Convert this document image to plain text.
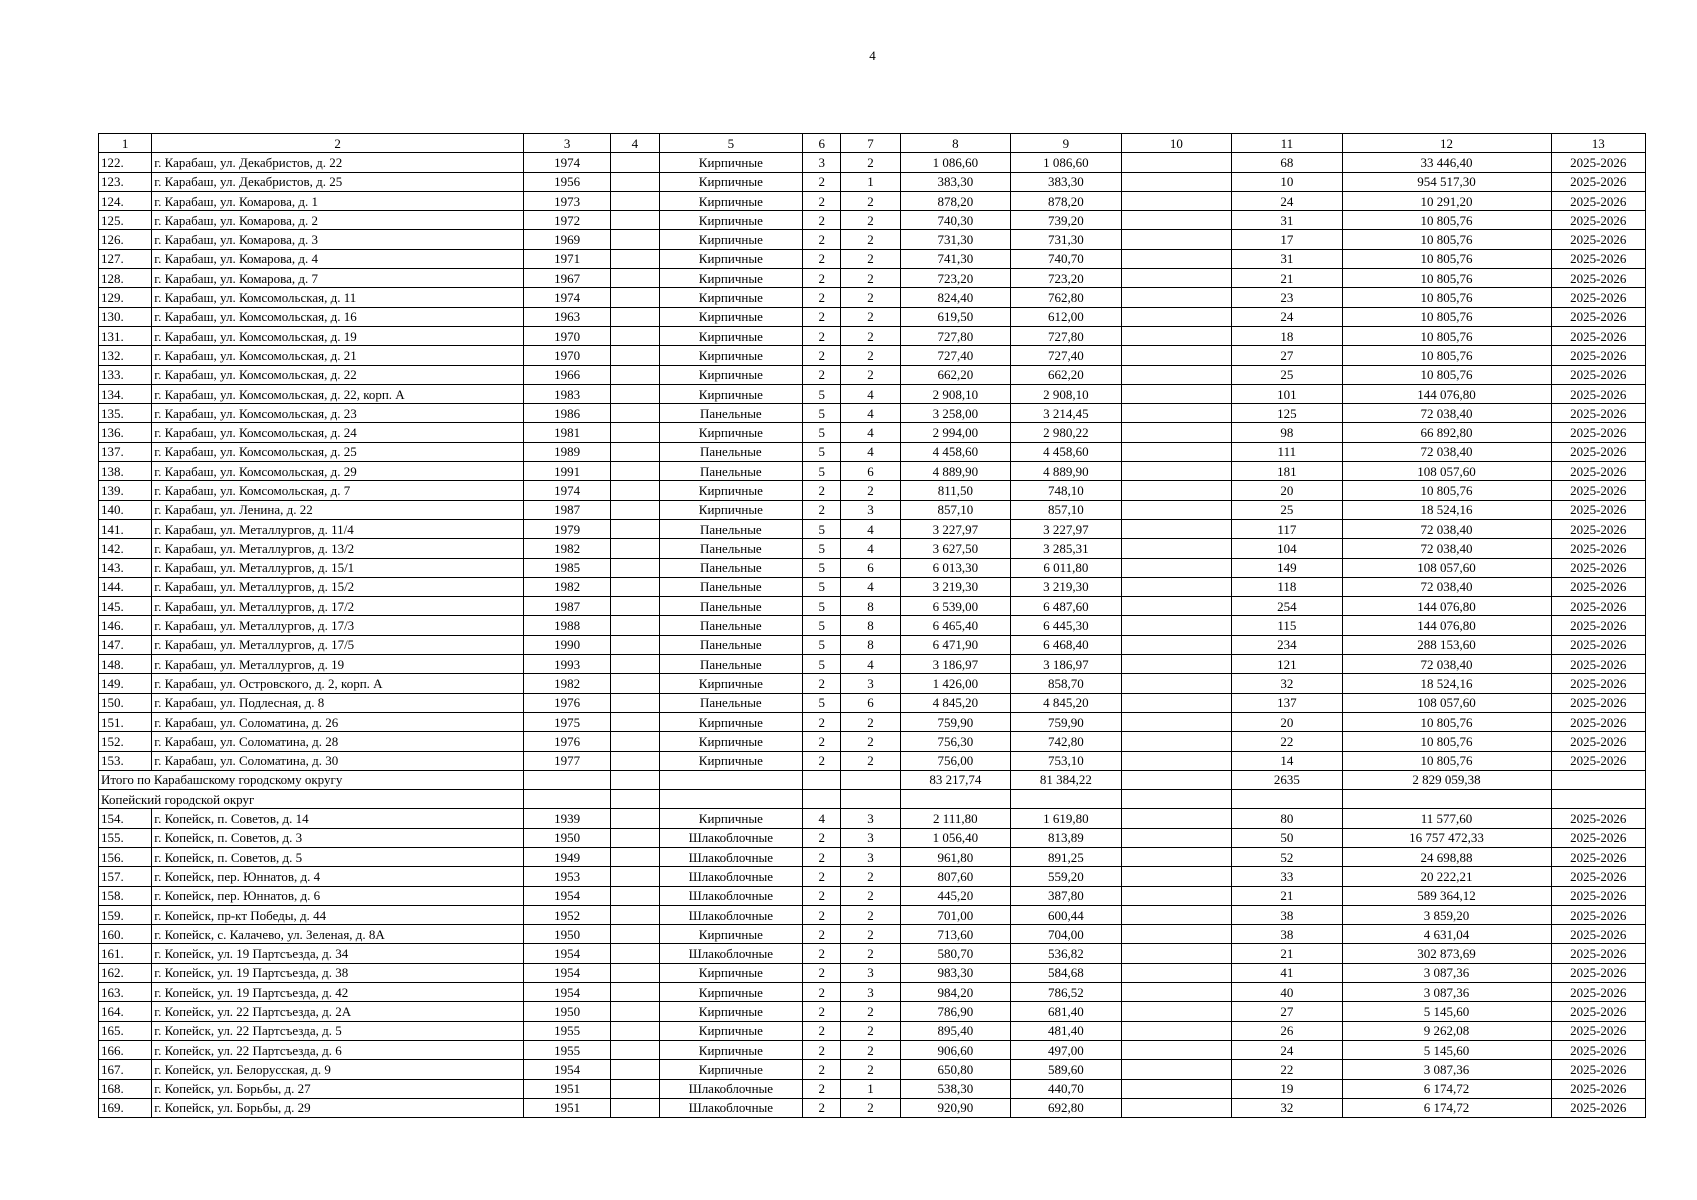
4
1	2	3	4	5	6	7	8	9	10	11	12	13
122.	г. Карабаш, ул. Декабристов, д. 22	1974		Кирпичные	3	2	1 086,60	1 086,60		68	33 446,40	2025-2026
123.	г. Карабаш, ул. Декабристов, д. 25	1956		Кирпичные	2	1	383,30	383,30		10	954 517,30	2025-2026
124.	г. Карабаш, ул. Комарова, д. 1	1973		Кирпичные	2	2	878,20	878,20		24	10 291,20	2025-2026
125.	г. Карабаш, ул. Комарова, д. 2	1972		Кирпичные	2	2	740,30	739,20		31	10 805,76	2025-2026
126.	г. Карабаш, ул. Комарова, д. 3	1969		Кирпичные	2	2	731,30	731,30		17	10 805,76	2025-2026
127.	г. Карабаш, ул. Комарова, д. 4	1971		Кирпичные	2	2	741,30	740,70		31	10 805,76	2025-2026
128.	г. Карабаш, ул. Комарова, д. 7	1967		Кирпичные	2	2	723,20	723,20		21	10 805,76	2025-2026
129.	г. Карабаш, ул. Комсомольская, д. 11	1974		Кирпичные	2	2	824,40	762,80		23	10 805,76	2025-2026
130.	г. Карабаш, ул. Комсомольская, д. 16	1963		Кирпичные	2	2	619,50	612,00		24	10 805,76	2025-2026
131.	г. Карабаш, ул. Комсомольская, д. 19	1970		Кирпичные	2	2	727,80	727,80		18	10 805,76	2025-2026
132.	г. Карабаш, ул. Комсомольская, д. 21	1970		Кирпичные	2	2	727,40	727,40		27	10 805,76	2025-2026
133.	г. Карабаш, ул. Комсомольская, д. 22	1966		Кирпичные	2	2	662,20	662,20		25	10 805,76	2025-2026
134.	г. Карабаш, ул. Комсомольская, д. 22, корп. А	1983		Кирпичные	5	4	2 908,10	2 908,10		101	144 076,80	2025-2026
135.	г. Карабаш, ул. Комсомольская, д. 23	1986		Панельные	5	4	3 258,00	3 214,45		125	72 038,40	2025-2026
136.	г. Карабаш, ул. Комсомольская, д. 24	1981		Кирпичные	5	4	2 994,00	2 980,22		98	66 892,80	2025-2026
137.	г. Карабаш, ул. Комсомольская, д. 25	1989		Панельные	5	4	4 458,60	4 458,60		111	72 038,40	2025-2026
138.	г. Карабаш, ул. Комсомольская, д. 29	1991		Панельные	5	6	4 889,90	4 889,90		181	108 057,60	2025-2026
139.	г. Карабаш, ул. Комсомольская, д. 7	1974		Кирпичные	2	2	811,50	748,10		20	10 805,76	2025-2026
140.	г. Карабаш, ул. Ленина, д. 22	1987		Кирпичные	2	3	857,10	857,10		25	18 524,16	2025-2026
141.	г. Карабаш, ул. Металлургов, д. 11/4	1979		Панельные	5	4	3 227,97	3 227,97		117	72 038,40	2025-2026
142.	г. Карабаш, ул. Металлургов, д. 13/2	1982		Панельные	5	4	3 627,50	3 285,31		104	72 038,40	2025-2026
143.	г. Карабаш, ул. Металлургов, д. 15/1	1985		Панельные	5	6	6 013,30	6 011,80		149	108 057,60	2025-2026
144.	г. Карабаш, ул. Металлургов, д. 15/2	1982		Панельные	5	4	3 219,30	3 219,30		118	72 038,40	2025-2026
145.	г. Карабаш, ул. Металлургов, д. 17/2	1987		Панельные	5	8	6 539,00	6 487,60		254	144 076,80	2025-2026
146.	г. Карабаш, ул. Металлургов, д. 17/3	1988		Панельные	5	8	6 465,40	6 445,30		115	144 076,80	2025-2026
147.	г. Карабаш, ул. Металлургов, д. 17/5	1990		Панельные	5	8	6 471,90	6 468,40		234	288 153,60	2025-2026
148.	г. Карабаш, ул. Металлургов, д. 19	1993		Панельные	5	4	3 186,97	3 186,97		121	72 038,40	2025-2026
149.	г. Карабаш, ул. Островского, д. 2, корп. А	1982		Кирпичные	2	3	1 426,00	858,70		32	18 524,16	2025-2026
150.	г. Карабаш, ул. Подлесная, д. 8	1976		Панельные	5	6	4 845,20	4 845,20		137	108 057,60	2025-2026
151.	г. Карабаш, ул. Соломатина, д. 26	1975		Кирпичные	2	2	759,90	759,90		20	10 805,76	2025-2026
152.	г. Карабаш, ул. Соломатина, д. 28	1976		Кирпичные	2	2	756,30	742,80		22	10 805,76	2025-2026
153.	г. Карабаш, ул. Соломатина, д. 30	1977		Кирпичные	2	2	756,00	753,10		14	10 805,76	2025-2026
Итого по Карабашскому городскому округу							83 217,74	81 384,22		2635	2 829 059,38	
Копейский городской округ												
154.	г. Копейск, п. Советов, д. 14	1939		Кирпичные	4	3	2 111,80	1 619,80		80	11 577,60	2025-2026
155.	г. Копейск, п. Советов, д. 3	1950		Шлакоблочные	2	3	1 056,40	813,89		50	16 757 472,33	2025-2026
156.	г. Копейск, п. Советов, д. 5	1949		Шлакоблочные	2	3	961,80	891,25		52	24 698,88	2025-2026
157.	г. Копейск, пер. Юннатов, д. 4	1953		Шлакоблочные	2	2	807,60	559,20		33	20 222,21	2025-2026
158.	г. Копейск, пер. Юннатов, д. 6	1954		Шлакоблочные	2	2	445,20	387,80		21	589 364,12	2025-2026
159.	г. Копейск, пр-кт Победы, д. 44	1952		Шлакоблочные	2	2	701,00	600,44		38	3 859,20	2025-2026
160.	г. Копейск, с. Калачево, ул. Зеленая, д. 8А	1950		Кирпичные	2	2	713,60	704,00		38	4 631,04	2025-2026
161.	г. Копейск, ул. 19 Партсъезда, д. 34	1954		Шлакоблочные	2	2	580,70	536,82		21	302 873,69	2025-2026
162.	г. Копейск, ул. 19 Партсъезда, д. 38	1954		Кирпичные	2	3	983,30	584,68		41	3 087,36	2025-2026
163.	г. Копейск, ул. 19 Партсъезда, д. 42	1954		Кирпичные	2	3	984,20	786,52		40	3 087,36	2025-2026
164.	г. Копейск, ул. 22 Партсъезда, д. 2А	1950		Кирпичные	2	2	786,90	681,40		27	5 145,60	2025-2026
165.	г. Копейск, ул. 22 Партсъезда, д. 5	1955		Кирпичные	2	2	895,40	481,40		26	9 262,08	2025-2026
166.	г. Копейск, ул. 22 Партсъезда, д. 6	1955		Кирпичные	2	2	906,60	497,00		24	5 145,60	2025-2026
167.	г. Копейск, ул. Белорусская, д. 9	1954		Кирпичные	2	2	650,80	589,60		22	3 087,36	2025-2026
168.	г. Копейск, ул. Борьбы, д. 27	1951		Шлакоблочные	2	1	538,30	440,70		19	6 174,72	2025-2026
169.	г. Копейск, ул. Борьбы, д. 29	1951		Шлакоблочные	2	2	920,90	692,80		32	6 174,72	2025-2026
